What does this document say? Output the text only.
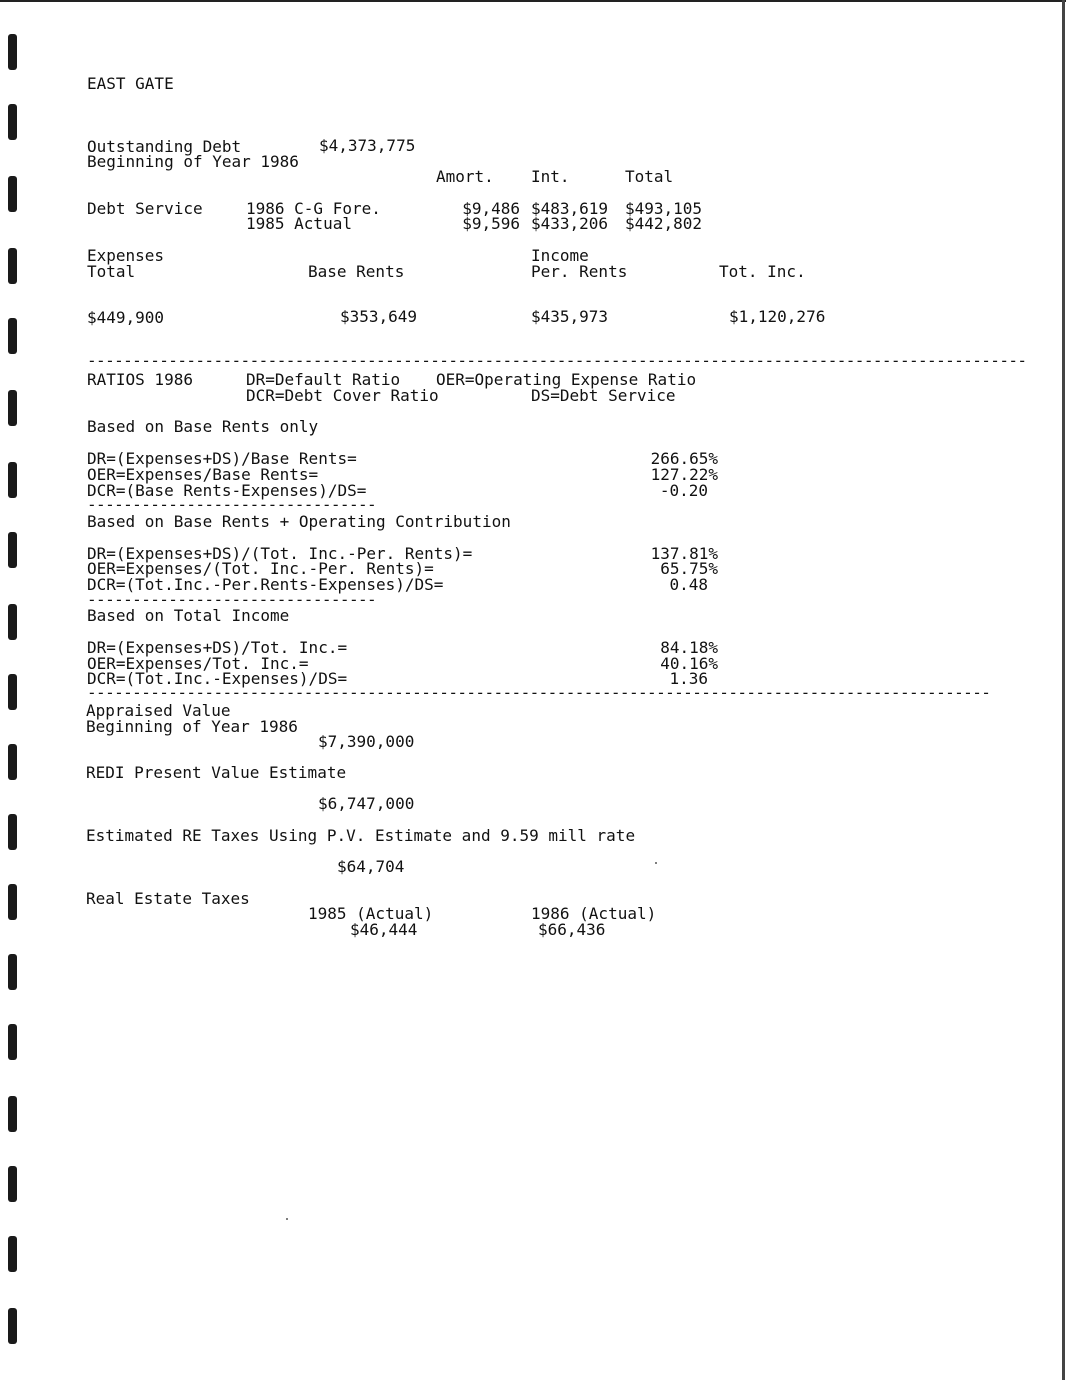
EAST GATE
Outstanding Debt	$4,373,775
Beginning of Year 1986
Amort. Int.	Total
Debt Service	1986 C-G Fore.	$9,486 $483,619 $493,105
1985 Actual	$9,596 $433,206 $442,802
Expenses
Total	Base Rents
Income
Per. Rents	Tot. Inc.
$449,900	$353,649	$435,973	$1,120,276
--------------------------------------------------------------------------------------------------------
RATIOS 1986	DR=Default Ratio OER=Operating Expense Ratio
DCR=Debt Cover Ratio	DS=Debt Service
Based on Base Rents only
DR=(Expenses+DS)/Base Rents=	266.65%
OER=Expenses/Base Rents=	127.22%
DCR=(Base Rents-Expenses)/DS=	-0.20
--------------------------------
Based on Base Rents + Operating Contribution
DR=(Expenses+DS)/(Tot. Inc.-Per. Rents)=	137.81%
OER=Expenses/(Tot. Inc.-Per. Rents)=	65.75%
DCR=(Tot.Inc.-Per.Rents-Expenses)/DS=	0.48
--------------------------------
Based on Total Income
DR=(Expenses+DS)/Tot. Inc.=	84.18%
OER=Expenses/Tot. Inc.=	40.16%
DCR=(Tot.Inc.-Expenses)/DS=	1.36
----------------------------------------------------------------------------------------------------
Appraised Value
Beginning of Year 1986
$7,390,000
REDI Present Value Estimate
$6,747,000
Estimated RE Taxes Using P.V. Estimate and 9.59 mill rate
$64,704
Real Estate Taxes
1985 (Actual)
$46,444
1986 (Actual)
$66,436
